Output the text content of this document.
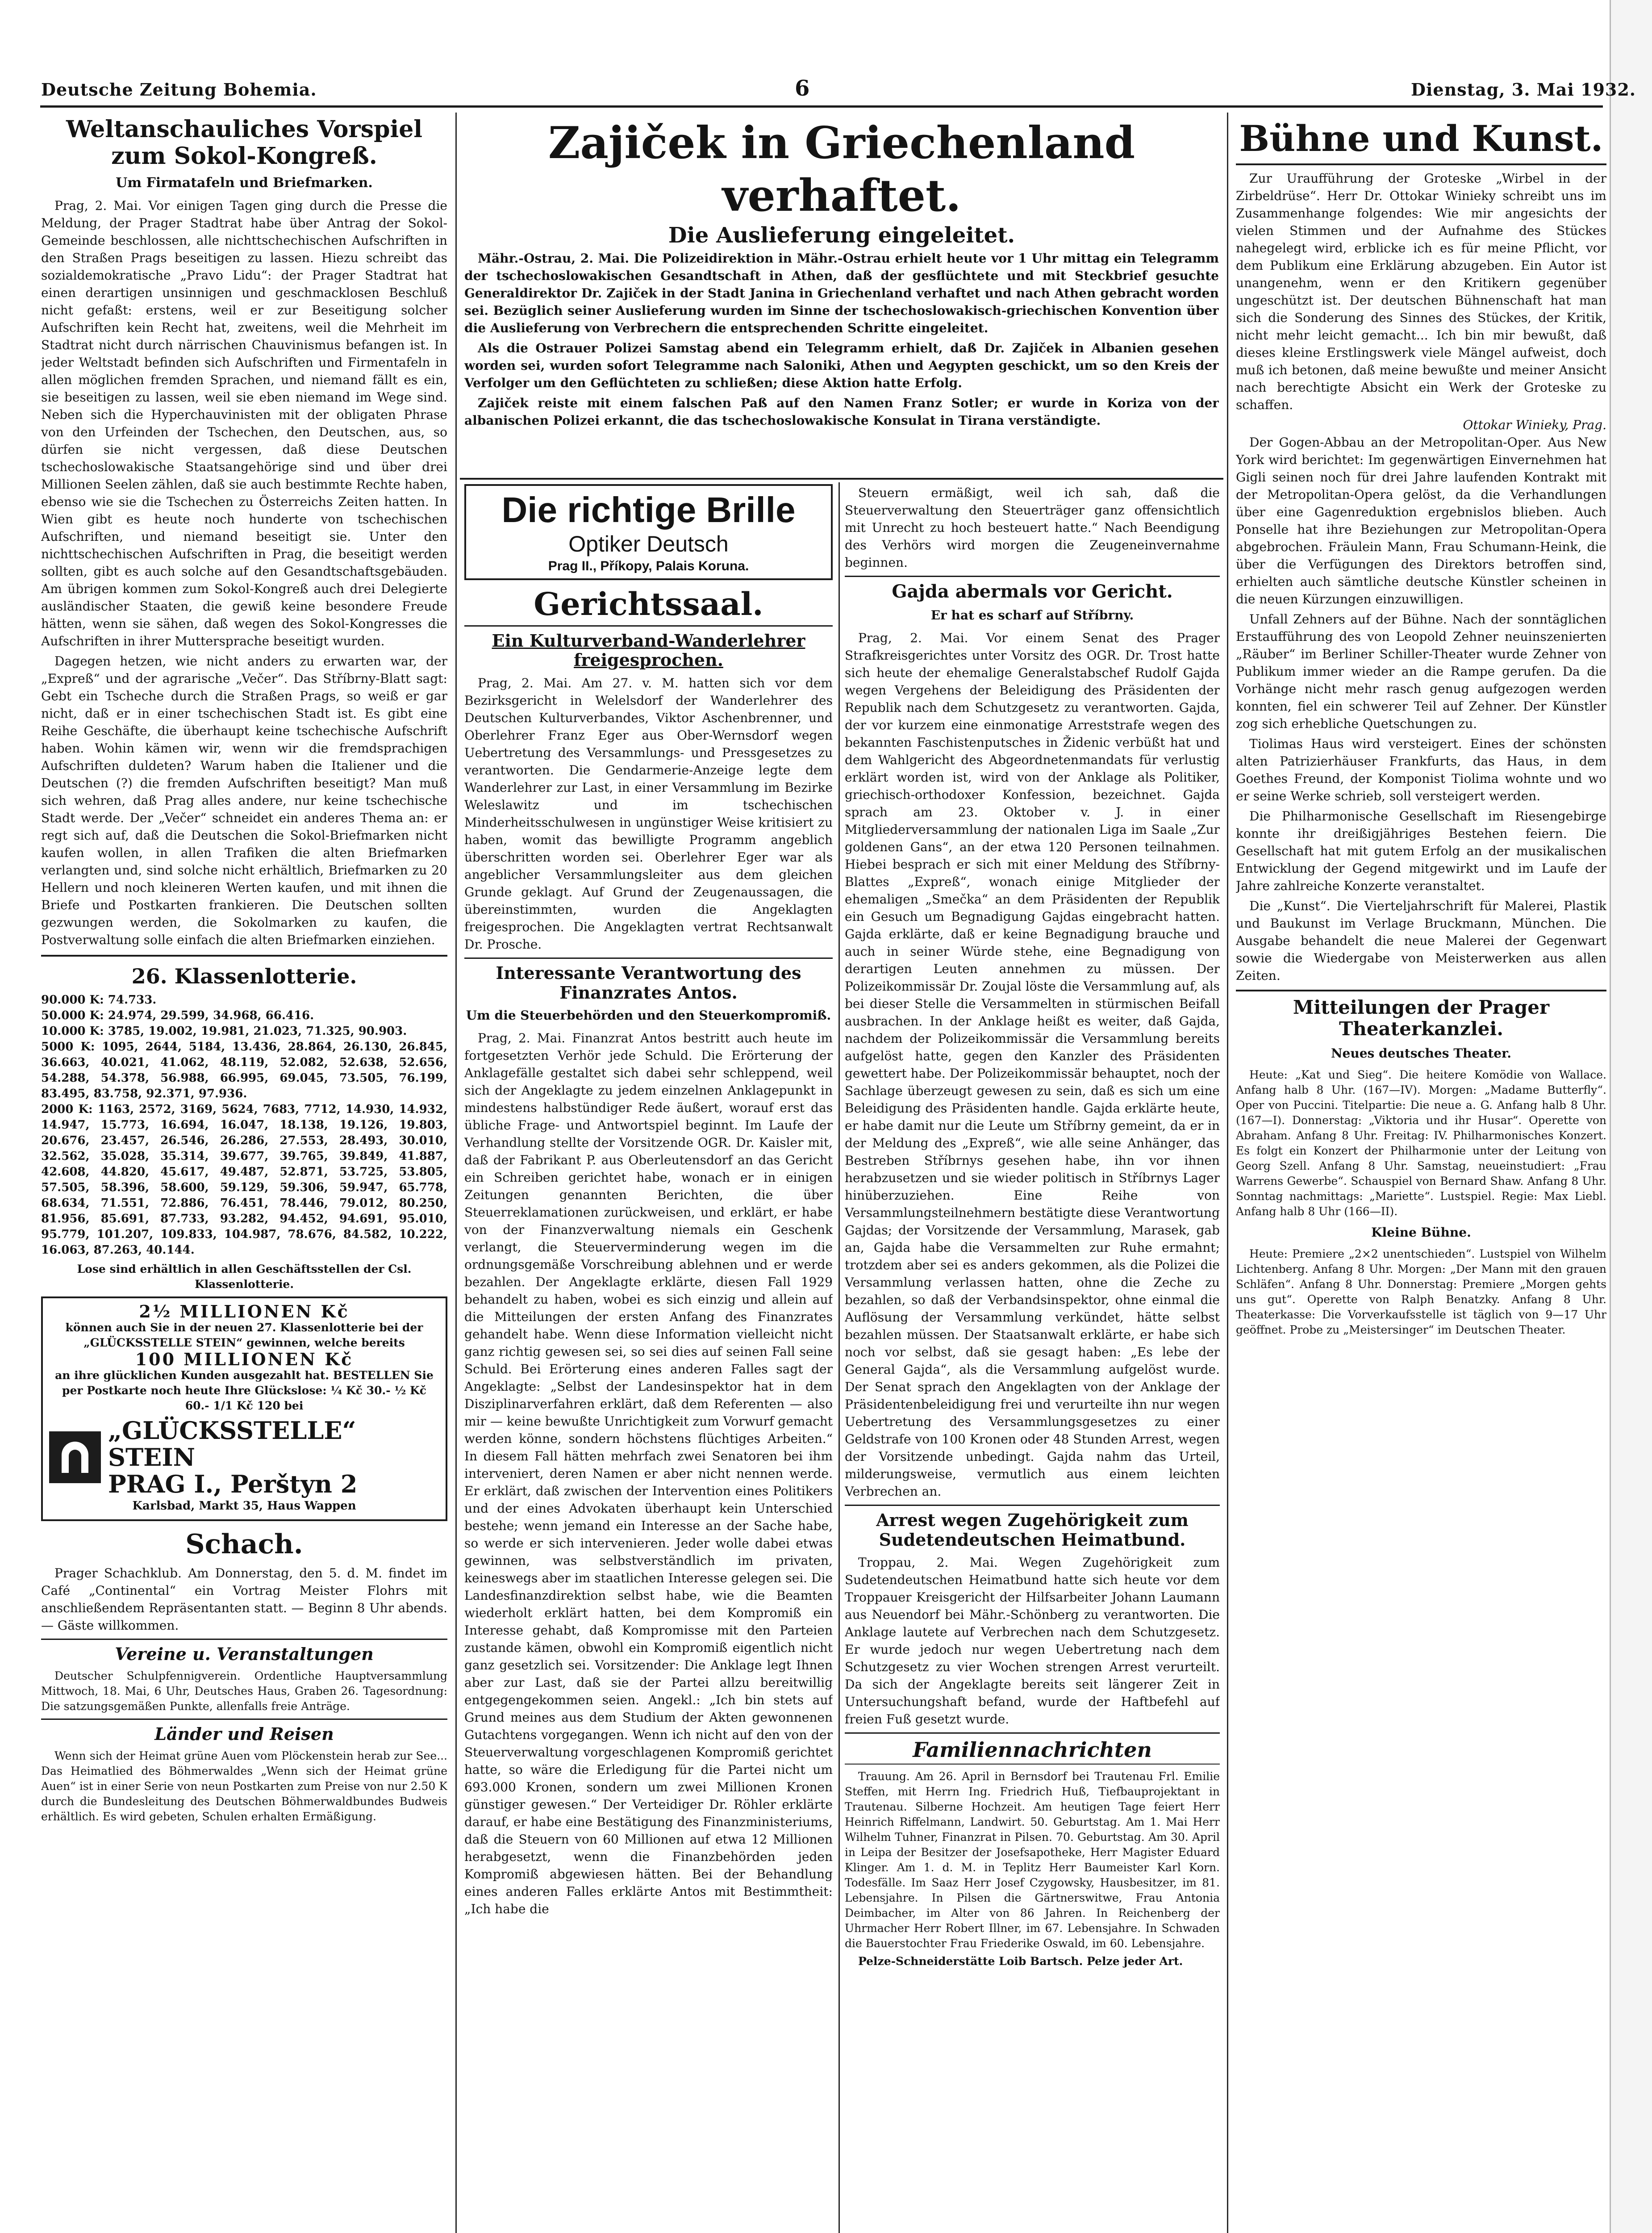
Deutsche Zeitung Bohemia.	6	Dienstag, 3. Mai 1932.
Weltanschauliches Vorspiel zum Sokol-Kongreß.
Um Firmatafeln und Briefmarken.

Prag, 2. Mai. Vor einigen Tagen ging durch die Presse die Meldung, der Prager Stadtrat habe über Antrag der Sokol-Gemeinde beschlossen, alle nichttschechischen Aufschriften in den Straßen Prags beseitigen zu lassen. Hiezu schreibt das sozialdemokratische „Pravo Lidu“: der Prager Stadtrat hat einen derartigen unsinnigen und geschmacklosen Beschluß nicht gefaßt: erstens, weil er zur Beseitigung solcher Aufschriften kein Recht hat, zweitens, weil die Mehrheit im Stadtrat nicht durch närrischen Chauvinismus befangen ist. In jeder Weltstadt befinden sich Aufschriften und Firmentafeln in allen möglichen fremden Sprachen, und niemand fällt es ein, sie beseitigen zu lassen, weil sie eben niemand im Wege sind. Neben sich die Hyperchauvinisten mit der obligaten Phrase von den Urfeinden der Tschechen, den Deutschen, aus, so dürfen sie nicht vergessen, daß diese Deutschen tschechoslowakische Staatsangehörige sind und über drei Millionen Seelen zählen, daß sie auch bestimmte Rechte haben, ebenso wie sie die Tschechen zu Österreichs Zeiten hatten. In Wien gibt es heute noch hunderte von tschechischen Aufschriften, und niemand beseitigt sie. Unter den nichttschechischen Aufschriften in Prag, die beseitigt werden sollten, gibt es auch solche auf den Gesandtschaftsgebäuden. Am übrigen kommen zum Sokol-Kongreß auch drei Delegierte ausländischer Staaten, die gewiß keine besondere Freude hätten, wenn sie sähen, daß wegen des Sokol-Kongresses die Aufschriften in ihrer Muttersprache beseitigt wurden.

Dagegen hetzen, wie nicht anders zu erwarten war, der „Expreß“ und der agrarische „Večer“. Das Stříbrny-Blatt sagt: Gebt ein Tscheche durch die Straßen Prags, so weiß er gar nicht, daß er in einer tschechischen Stadt ist. Es gibt eine Reihe Geschäfte, die überhaupt keine tschechische Aufschrift haben. Wohin kämen wir, wenn wir die fremdsprachigen Aufschriften duldeten? Warum haben die Italiener und die Deutschen (?) die fremden Aufschriften beseitigt? Man muß sich wehren, daß Prag alles andere, nur keine tschechische Stadt werde. Der „Večer“ schneidet ein anderes Thema an: er regt sich auf, daß die Deutschen die Sokol-Briefmarken nicht kaufen wollen, in allen Trafiken die alten Briefmarken verlangten und, sind solche nicht erhältlich, Briefmarken zu 20 Hellern und noch kleineren Werten kaufen, und mit ihnen die Briefe und Postkarten frankieren. Die Deutschen sollten gezwungen werden, die Sokolmarken zu kaufen, die Postverwaltung solle einfach die alten Briefmarken einziehen.

26. Klassenlotterie.
90.000 K: 74.733.
50.000 K: 24.974, 29.599, 34.968, 66.416.
10.000 K: 3785, 19.002, 19.981, 21.023, 71.325, 90.903.
5000 K: 1095, 2644, 5184, 13.436, 28.864, 26.130, 26.845, 36.663, 40.021, 41.062, 48.119, 52.082, 52.638, 52.656, 54.288, 54.378, 56.988, 66.995, 69.045, 73.505, 76.199, 83.495, 83.758, 92.371, 97.936.
2000 K: 1163, 2572, 3169, 5624, 7683, 7712, 14.930, 14.932, 14.947, 15.773, 16.694, 16.047, 18.138, 19.126, 19.803, 20.676, 23.457, 26.546, 26.286, 27.553, 28.493, 30.010, 32.562, 35.028, 35.314, 39.677, 39.765, 39.849, 41.887, 42.608, 44.820, 45.617, 49.487, 52.871, 53.725, 53.805, 57.505, 58.396, 58.600, 59.129, 59.306, 59.947, 65.778, 68.634, 71.551, 72.886, 76.451, 78.446, 79.012, 80.250, 81.956, 85.691, 87.733, 93.282, 94.452, 94.691, 95.010, 95.779, 101.207, 109.833, 104.987, 78.676, 84.582, 10.222, 16.063, 87.263, 40.144.
Lose sind erhältlich in allen Geschäftsstellen der Csl. Klassenlotterie.
2½ MILLIONEN Kč
können auch Sie in der neuen 27. Klassenlotterie bei der „GLÜCKSSTELLE STEIN“ gewinnen, welche bereits
100 MILLIONEN Kč
an ihre glücklichen Kunden ausgezahlt hat. BESTELLEN Sie per Postkarte noch heute Ihre Glückslose: ¼ Kč 30.- ½ Kč 60.- 1/1 Kč 120 bei
„GLÜCKSSTELLE“ STEIN
PRAG I., Perštyn 2
Karlsbad, Markt 35, Haus Wappen
Schach.

Prager Schachklub. Am Donnerstag, den 5. d. M. findet im Café „Continental“ ein Vortrag Meister Flohrs mit anschließendem Repräsentanten statt. — Beginn 8 Uhr abends. — Gäste willkommen.

Vereine u. Veranstaltungen

Deutscher Schulpfennigverein. Ordentliche Hauptversammlung Mittwoch, 18. Mai, 6 Uhr, Deutsches Haus, Graben 26. Tagesordnung: Die satzungsgemäßen Punkte, allenfalls freie Anträge.

Länder und Reisen

Wenn sich der Heimat grüne Auen vom Plöckenstein herab zur See... Das Heimatlied des Böhmerwaldes „Wenn sich der Heimat grüne Auen“ ist in einer Serie von neun Postkarten zum Preise von nur 2.50 K durch die Bundesleitung des Deutschen Böhmerwaldbundes Budweis erhältlich. Es wird gebeten, Schulen erhalten Ermäßigung.

Zajiček in Griechenland verhaftet.
Die Auslieferung eingeleitet.

Mähr.-Ostrau, 2. Mai. Die Polizeidirektion in Mähr.-Ostrau erhielt heute vor 1 Uhr mittag ein Telegramm der tschechoslowakischen Gesandtschaft in Athen, daß der gesflüchtete und mit Steckbrief gesuchte Generaldirektor Dr. Zajiček in der Stadt Janina in Griechenland verhaftet und nach Athen gebracht worden sei. Bezüglich seiner Auslieferung wurden im Sinne der tschechoslowakisch-griechischen Konvention über die Auslieferung von Verbrechern die entsprechenden Schritte eingeleitet.

Als die Ostrauer Polizei Samstag abend ein Telegramm erhielt, daß Dr. Zajiček in Albanien gesehen worden sei, wurden sofort Telegramme nach Saloniki, Athen und Aegypten geschickt, um so den Kreis der Verfolger um den Geflüchteten zu schließen; diese Aktion hatte Erfolg.

Zajiček reiste mit einem falschen Paß auf den Namen Franz Sotler; er wurde in Koriza von der albanischen Polizei erkannt, die das tschechoslowakische Konsulat in Tirana verständigte.

Die richtige Brille
Optiker Deutsch
Prag II., Příkopy, Palais Koruna.
Gerichtssaal.
Ein Kulturverband-Wanderlehrer freigesprochen.

Prag, 2. Mai. Am 27. v. M. hatten sich vor dem Bezirksgericht in Welelsdorf der Wanderlehrer des Deutschen Kulturverbandes, Viktor Aschenbrenner, und Oberlehrer Franz Eger aus Ober-Wernsdorf wegen Uebertretung des Versammlungs- und Pressgesetzes zu verantworten. Die Gendarmerie-Anzeige legte dem Wanderlehrer zur Last, in einer Versammlung im Bezirke Weleslawitz und im tschechischen Minderheitsschulwesen in ungünstiger Weise kritisiert zu haben, womit das bewilligte Programm angeblich überschritten worden sei. Oberlehrer Eger war als angeblicher Versammlungsleiter aus dem gleichen Grunde geklagt. Auf Grund der Zeugenaussagen, die übereinstimmten, wurden die Angeklagten freigesprochen. Die Angeklagten vertrat Rechtsanwalt Dr. Prosche.

Interessante Verantwortung des Finanzrates Antos.
Um die Steuerbehörden und den Steuerkompromiß.

Prag, 2. Mai. Finanzrat Antos bestritt auch heute im fortgesetzten Verhör jede Schuld. Die Erörterung der Anklagefälle gestaltet sich dabei sehr schleppend, weil sich der Angeklagte zu jedem einzelnen Anklagepunkt in mindestens halbstündiger Rede äußert, worauf erst das übliche Frage- und Antwortspiel beginnt. Im Laufe der Verhandlung stellte der Vorsitzende OGR. Dr. Kaisler mit, daß der Fabrikant P. aus Oberleutensdorf an das Gericht ein Schreiben gerichtet habe, wonach er in einigen Zeitungen genannten Berichten, die über Steuerreklamationen zurückweisen, und erklärt, er habe von der Finanzverwaltung niemals ein Geschenk verlangt, die Steuerverminderung wegen im die ordnungsgemäße Vorschreibung ablehnen und er werde bezahlen. Der Angeklagte erklärte, diesen Fall 1929 behandelt zu haben, wobei es sich einzig und allein auf die Mitteilungen der ersten Anfang des Finanzrates gehandelt habe. Wenn diese Information vielleicht nicht ganz richtig gewesen sei, so sei dies auf seinen Fall seine Schuld. Bei Erörterung eines anderen Falles sagt der Angeklagte: „Selbst der Landesinspektor hat in dem Disziplinarverfahren erklärt, daß dem Referenten — also mir — keine bewußte Unrichtigkeit zum Vorwurf gemacht werden könne, sondern höchstens flüchtiges Arbeiten.“ In diesem Fall hätten mehrfach zwei Senatoren bei ihm interveniert, deren Namen er aber nicht nennen werde. Er erklärt, daß zwischen der Intervention eines Politikers und der eines Advokaten überhaupt kein Unterschied bestehe; wenn jemand ein Interesse an der Sache habe, so werde er sich intervenieren. Jeder wolle dabei etwas gewinnen, was selbstverständlich im privaten, keineswegs aber im staatlichen Interesse gelegen sei. Die Landesfinanzdirektion selbst habe, wie die Beamten wiederholt erklärt hatten, bei dem Kompromiß ein Interesse gehabt, daß Kompromisse mit den Parteien zustande kämen, obwohl ein Kompromiß eigentlich nicht ganz gesetzlich sei. Vorsitzender: Die Anklage legt Ihnen aber zur Last, daß sie der Partei allzu bereitwillig entgegengekommen seien. Angekl.: „Ich bin stets auf Grund meines aus dem Studium der Akten gewonnenen Gutachtens vorgegangen. Wenn ich nicht auf den von der Steuerverwaltung vorgeschlagenen Kompromiß gerichtet hatte, so wäre die Erledigung für die Partei nicht um 693.000 Kronen, sondern um zwei Millionen Kronen günstiger gewesen.“ Der Verteidiger Dr. Röhler erklärte darauf, er habe eine Bestätigung des Finanzministeriums, daß die Steuern von 60 Millionen auf etwa 12 Millionen herabgesetzt, wenn die Finanzbehörden jeden Kompromiß abgewiesen hätten. Bei der Behandlung eines anderen Falles erklärte Antos mit Bestimmtheit: „Ich habe die

Steuern ermäßigt, weil ich sah, daß die Steuerverwaltung den Steuerträger ganz offensichtlich mit Unrecht zu hoch besteuert hatte.“ Nach Beendigung des Verhörs wird morgen die Zeugeneinvernahme beginnen.

Gajda abermals vor Gericht.
Er hat es scharf auf Stříbrny.

Prag, 2. Mai. Vor einem Senat des Prager Strafkreisgerichtes unter Vorsitz des OGR. Dr. Trost hatte sich heute der ehemalige Generalstabschef Rudolf Gajda wegen Vergehens der Beleidigung des Präsidenten der Republik nach dem Schutzgesetz zu verantworten. Gajda, der vor kurzem eine einmonatige Arreststrafe wegen des bekannten Faschistenputsches in Židenic verbüßt hat und dem Wahlgericht des Abgeordnetenmandats für verlustig erklärt worden ist, wird von der Anklage als Politiker, griechisch-orthodoxer Konfession, bezeichnet. Gajda sprach am 23. Oktober v. J. in einer Mitgliederversammlung der nationalen Liga im Saale „Zur goldenen Gans“, an der etwa 120 Personen teilnahmen. Hiebei besprach er sich mit einer Meldung des Stříbrny-Blattes „Expreß“, wonach einige Mitglieder der ehemaligen „Smečka“ an dem Präsidenten der Republik ein Gesuch um Begnadigung Gajdas eingebracht hatten. Gajda erklärte, daß er keine Begnadigung brauche und auch in seiner Würde stehe, eine Begnadigung von derartigen Leuten annehmen zu müssen. Der Polizeikommissär Dr. Zoujal löste die Versammlung auf, als bei dieser Stelle die Versammelten in stürmischen Beifall ausbrachen. In der Anklage heißt es weiter, daß Gajda, nachdem der Polizeikommissär die Versammlung bereits aufgelöst hatte, gegen den Kanzler des Präsidenten gewettert habe. Der Polizeikommissär behauptet, noch der Sachlage überzeugt gewesen zu sein, daß es sich um eine Beleidigung des Präsidenten handle. Gajda erklärte heute, er habe damit nur die Leute um Stříbrny gemeint, da er in der Meldung des „Expreß“, wie alle seine Anhänger, das Bestreben Stříbrnys gesehen habe, ihn vor ihnen herabzusetzen und sie wieder politisch in Stříbrnys Lager hinüberzuziehen. Eine Reihe von Versammlungsteilnehmern bestätigte diese Verantwortung Gajdas; der Vorsitzende der Versammlung, Marasek, gab an, Gajda habe die Versammelten zur Ruhe ermahnt; trotzdem aber sei es anders gekommen, als die Polizei die Versammlung verlassen hatten, ohne die Zeche zu bezahlen, so daß der Verbandsinspektor, ohne einmal die Auflösung der Versammlung verkündet, hätte selbst bezahlen müssen. Der Staatsanwalt erklärte, er habe sich noch vor selbst, daß sie gesagt haben: „Es lebe der General Gajda“, als die Versammlung aufgelöst wurde. Der Senat sprach den Angeklagten von der Anklage der Präsidentenbeleidigung frei und verurteilte ihn nur wegen Uebertretung des Versammlungsgesetzes zu einer Geldstrafe von 100 Kronen oder 48 Stunden Arrest, wegen der Vorsitzende unbedingt. Gajda nahm das Urteil, milderungsweise, vermutlich aus einem leichten Verbrechen an.

Arrest wegen Zugehörigkeit zum Sudetendeutschen Heimatbund.

Troppau, 2. Mai. Wegen Zugehörigkeit zum Sudetendeutschen Heimatbund hatte sich heute vor dem Troppauer Kreisgericht der Hilfsarbeiter Johann Laumann aus Neuendorf bei Mähr.-Schönberg zu verantworten. Die Anklage lautete auf Verbrechen nach dem Schutzgesetz. Er wurde jedoch nur wegen Uebertretung nach dem Schutzgesetz zu vier Wochen strengen Arrest verurteilt. Da sich der Angeklagte bereits seit längerer Zeit in Untersuchungshaft befand, wurde der Haftbefehl auf freien Fuß gesetzt wurde.

Familiennachrichten

Trauung. Am 26. April in Bernsdorf bei Trautenau Frl. Emilie Steffen, mit Herrn Ing. Friedrich Huß, Tiefbauprojektant in Trautenau. Silberne Hochzeit. Am heutigen Tage feiert Herr Heinrich Riffelmann, Landwirt. 50. Geburtstag. Am 1. Mai Herr Wilhelm Tuhner, Finanzrat in Pilsen. 70. Geburtstag. Am 30. April in Leipa der Besitzer der Josefsapotheke, Herr Magister Eduard Klinger. Am 1. d. M. in Teplitz Herr Baumeister Karl Korn. Todesfälle. Im Saaz Herr Josef Czygowsky, Hausbesitzer, im 81. Lebensjahre. In Pilsen die Gärtnerswitwe, Frau Antonia Deimbacher, im Alter von 86 Jahren. In Reichenberg der Uhrmacher Herr Robert Illner, im 67. Lebensjahre. In Schwaden die Bauerstochter Frau Friederike Oswald, im 60. Lebensjahre.

Pelze-Schneiderstätte Loib Bartsch. Pelze jeder Art.

Bühne und Kunst.

Zur Uraufführung der Groteske „Wirbel in der Zirbeldrüse“. Herr Dr. Ottokar Winieky schreibt uns im Zusammenhange folgendes: Wie mir angesichts der vielen Stimmen und der Aufnahme des Stückes nahegelegt wird, erblicke ich es für meine Pflicht, vor dem Publikum eine Erklärung abzugeben. Ein Autor ist unangenehm, wenn er den Kritikern gegenüber ungeschützt ist. Der deutschen Bühnenschaft hat man sich die Sonderung des Sinnes des Stückes, der Kritik, nicht mehr leicht gemacht... Ich bin mir bewußt, daß dieses kleine Erstlingswerk viele Mängel aufweist, doch muß ich betonen, daß meine bewußte und meiner Ansicht nach berechtigte Absicht ein Werk der Groteske zu schaffen.

Ottokar Winieky, Prag.

Der Gogen-Abbau an der Metropolitan-Oper. Aus New York wird berichtet: Im gegenwärtigen Einvernehmen hat Gigli seinen noch für drei Jahre laufenden Kontrakt mit der Metropolitan-Opera gelöst, da die Verhandlungen über eine Gagenreduktion ergebnislos blieben. Auch Ponselle hat ihre Beziehungen zur Metropolitan-Opera abgebrochen. Fräulein Mann, Frau Schumann-Heink, die über die Verfügungen des Direktors betroffen sind, erhielten auch sämtliche deutsche Künstler scheinen in die neuen Kürzungen einzuwilligen.

Unfall Zehners auf der Bühne. Nach der sonntäglichen Erstaufführung des von Leopold Zehner neuinszenierten „Räuber“ im Berliner Schiller-Theater wurde Zehner von Publikum immer wieder an die Rampe gerufen. Da die Vorhänge nicht mehr rasch genug aufgezogen werden konnten, fiel ein schwerer Teil auf Zehner. Der Künstler zog sich erhebliche Quetschungen zu.

Tiolimas Haus wird versteigert. Eines der schönsten alten Patrizierhäuser Frankfurts, das Haus, in dem Goethes Freund, der Komponist Tiolima wohnte und wo er seine Werke schrieb, soll versteigert werden.

Die Philharmonische Gesellschaft im Riesengebirge konnte ihr dreißigjähriges Bestehen feiern. Die Gesellschaft hat mit gutem Erfolg an der musikalischen Entwicklung der Gegend mitgewirkt und im Laufe der Jahre zahlreiche Konzerte veranstaltet.

Die „Kunst“. Die Vierteljahrschrift für Malerei, Plastik und Baukunst im Verlage Bruckmann, München. Die Ausgabe behandelt die neue Malerei der Gegenwart sowie die Wiedergabe von Meisterwerken aus allen Zeiten.

Mitteilungen der Prager Theaterkanzlei.
Neues deutsches Theater.

Heute: „Kat und Sieg“. Die heitere Komödie von Wallace. Anfang halb 8 Uhr. (167—IV). Morgen: „Madame Butterfly“. Oper von Puccini. Titelpartie: Die neue a. G. Anfang halb 8 Uhr. (167—I). Donnerstag: „Viktoria und ihr Husar“. Operette von Abraham. Anfang 8 Uhr. Freitag: IV. Philharmonisches Konzert. Es folgt ein Konzert der Philharmonie unter der Leitung von Georg Szell. Anfang 8 Uhr. Samstag, neueinstudiert: „Frau Warrens Gewerbe“. Schauspiel von Bernard Shaw. Anfang 8 Uhr. Sonntag nachmittags: „Mariette“. Lustspiel. Regie: Max Liebl. Anfang halb 8 Uhr (166—II).

Kleine Bühne.

Heute: Premiere „2×2 unentschieden“. Lustspiel von Wilhelm Lichtenberg. Anfang 8 Uhr. Morgen: „Der Mann mit den grauen Schläfen“. Anfang 8 Uhr. Donnerstag: Premiere „Morgen gehts uns gut“. Operette von Ralph Benatzky. Anfang 8 Uhr. Theaterkasse: Die Vorverkaufsstelle ist täglich von 9—17 Uhr geöffnet. Probe zu „Meistersinger“ im Deutschen Theater.
